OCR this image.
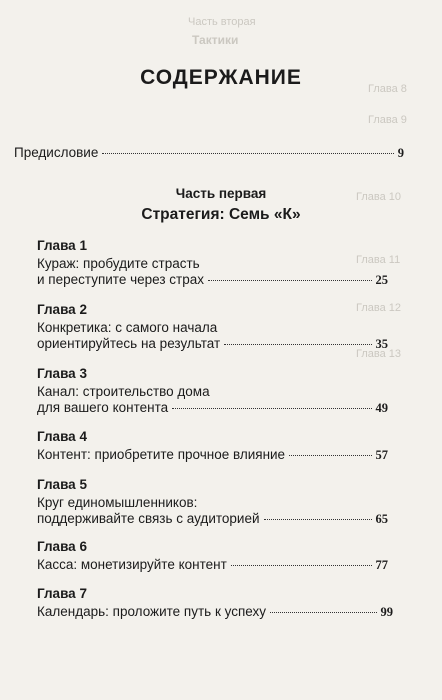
Часть вторая
Тактики
Глава 8
Глава 9
Глава 10
Глава 11
Глава 12
Глава 13
СОДЕРЖАНИЕ
Предисловие	9
Часть первая
Стратегия: Семь «К»
Глава 1
Кураж: пробудите страсть
и переступите через страх	25
Глава 2
Конкретика: с самого начала
ориентируйтесь на результат	35
Глава 3
Канал: строительство дома
для вашего контента	49
Глава 4
Контент: приобретите прочное влияние	57
Глава 5
Круг единомышленников:
поддерживайте связь с аудиторией	65
Глава 6
Касса: монетизируйте контент	77
Глава 7
Календарь: проложите путь к успеху	99
